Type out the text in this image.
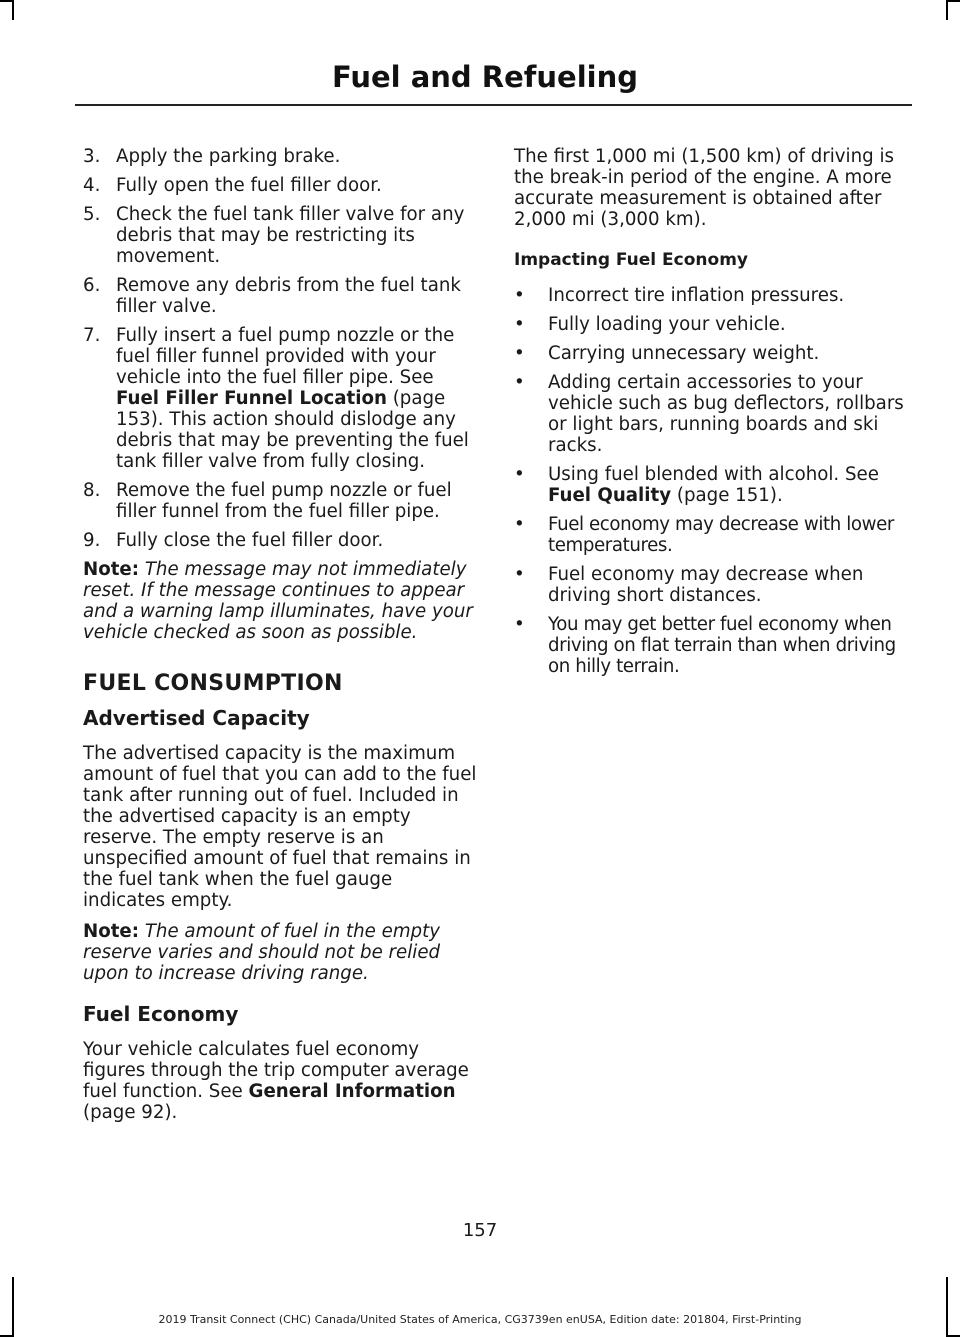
Fuel and Refueling
3. Apply the parking brake.
4. Fully open the fuel filler door.
5. Check the fuel tank filler valve for any debris that may be restricting its movement.
6. Remove any debris from the fuel tank filler valve.
7. Fully insert a fuel pump nozzle or the fuel filler funnel provided with your vehicle into the fuel filler pipe. See Fuel Filler Funnel Location (page 153). This action should dislodge any debris that may be preventing the fuel tank filler valve from fully closing.
8. Remove the fuel pump nozzle or fuel filler funnel from the fuel filler pipe.
9. Fully close the fuel filler door.

Note: The message may not immediately reset. If the message continues to appear and a warning lamp illuminates, have your vehicle checked as soon as possible.

FUEL CONSUMPTION
Advertised Capacity

The advertised capacity is the maximum amount of fuel that you can add to the fuel tank after running out of fuel. Included in the advertised capacity is an empty reserve. The empty reserve is an unspecified amount of fuel that remains in the fuel tank when the fuel gauge indicates empty.

Note: The amount of fuel in the empty reserve varies and should not be relied upon to increase driving range.

Fuel Economy

Your vehicle calculates fuel economy figures through the trip computer average fuel function. See General Information (page 92).

The first 1,000 mi (1,500 km) of driving is the break-in period of the engine. A more accurate measurement is obtained after 2,000 mi (3,000 km).

Impacting Fuel Economy
• Incorrect tire inflation pressures.
• Fully loading your vehicle.
• Carrying unnecessary weight.
• Adding certain accessories to your vehicle such as bug deflectors, rollbars or light bars, running boards and ski racks.
• Using fuel blended with alcohol. See Fuel Quality (page 151).
• Fuel economy may decrease with lower temperatures.
• Fuel economy may decrease when driving short distances.
• You may get better fuel economy when driving on flat terrain than when driving on hilly terrain.
157
2019 Transit Connect (CHC) Canada/United States of America, CG3739en enUSA, Edition date: 201804, First-Printing
